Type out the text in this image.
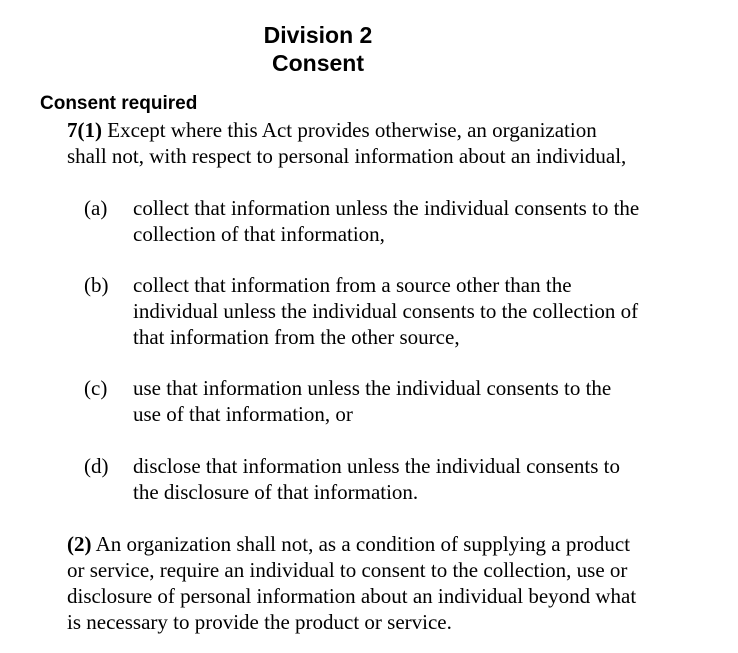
Division 2
Consent
Consent required
7(1) Except where this Act provides otherwise, an organization
shall not, with respect to personal information about an individual,
(a) collect that information unless the individual consents to the
collection of that information,
(b) collect that information from a source other than the
individual unless the individual consents to the collection of
that information from the other source,
(c) use that information unless the individual consents to the
use of that information, or
(d) disclose that information unless the individual consents to
the disclosure of that information.
(2) An organization shall not, as a condition of supplying a product
or service, require an individual to consent to the collection, use or
disclosure of personal information about an individual beyond what
is necessary to provide the product or service.
